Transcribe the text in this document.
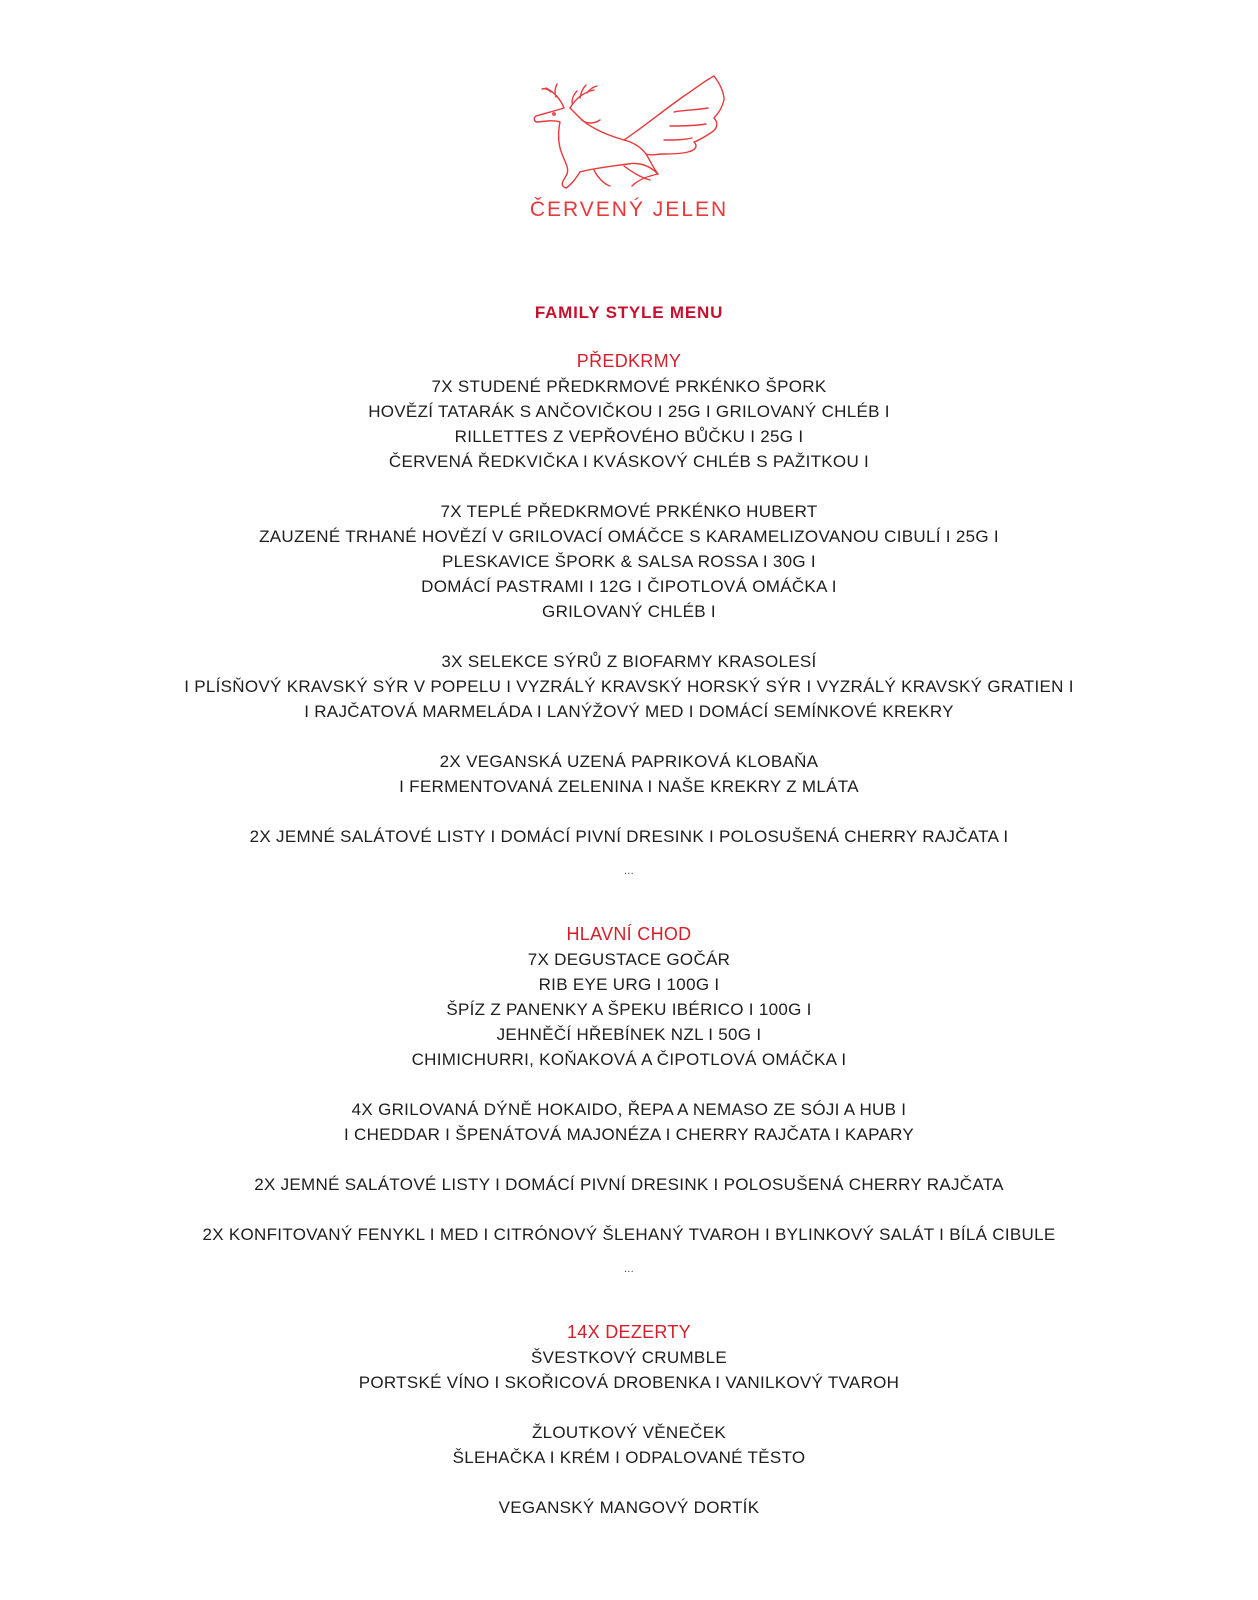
ČERVENÝ JELEN
FAMILY STYLE MENU
PŘEDKRMY
7X STUDENÉ PŘEDKRMOVÉ PRKÉNKO ŠPORK
HOVĚZÍ TATARÁK S ANČOVIČKOU I 25G I GRILOVANÝ CHLÉB I
RILLETTES Z VEPŘOVÉHO BŮČKU I 25G I
ČERVENÁ ŘEDKVIČKA I KVÁSKOVÝ CHLÉB S PAŽITKOU I
7X TEPLÉ PŘEDKRMOVÉ PRKÉNKO HUBERT
ZAUZENÉ TRHANÉ HOVĚZÍ V GRILOVACÍ OMÁČCE S KARAMELIZOVANOU CIBULÍ I 25G I
PLESKAVICE ŠPORK & SALSA ROSSA I 30G I
DOMÁCÍ PASTRAMI I 12G I ČIPOTLOVÁ OMÁČKA I
GRILOVANÝ CHLÉB I
3X SELEKCE SÝRŮ Z BIOFARMY KRASOLESÍ
I PLÍSŇOVÝ KRAVSKÝ SÝR V POPELU I VYZRÁLÝ KRAVSKÝ HORSKÝ SÝR I VYZRÁLÝ KRAVSKÝ GRATIEN I
I RAJČATOVÁ MARMELÁDA I LANÝŽOVÝ MED I DOMÁCÍ SEMÍNKOVÉ KREKRY
2X VEGANSKÁ UZENÁ PAPRIKOVÁ KLOBAŇA
I FERMENTOVANÁ ZELENINA I NAŠE KREKRY Z MLÁTA
2X JEMNÉ SALÁTOVÉ LISTY I DOMÁCÍ PIVNÍ DRESINK I POLOSUŠENÁ CHERRY RAJČATA I
...
HLAVNÍ CHOD
7X DEGUSTACE GOČÁR
RIB EYE URG I 100G I
ŠPÍZ Z PANENKY A ŠPEKU IBÉRICO I 100G I
JEHNĚČÍ HŘEBÍNEK NZL I 50G I
CHIMICHURRI, KOŇAKOVÁ A ČIPOTLOVÁ OMÁČKA I
4X GRILOVANÁ DÝNĚ HOKAIDO, ŘEPA A NEMASO ZE SÓJI A HUB I
I CHEDDAR I ŠPENÁTOVÁ MAJONÉZA I CHERRY RAJČATA I KAPARY
2X JEMNÉ SALÁTOVÉ LISTY I DOMÁCÍ PIVNÍ DRESINK I POLOSUŠENÁ CHERRY RAJČATA
2X KONFITOVANÝ FENYKL I MED I CITRÓNOVÝ ŠLEHANÝ TVAROH I BYLINKOVÝ SALÁT I BÍLÁ CIBULE
...
14X DEZERTY
ŠVESTKOVÝ CRUMBLE
PORTSKÉ VÍNO I SKOŘICOVÁ DROBENKA I VANILKOVÝ TVAROH
ŽLOUTKOVÝ VĚNEČEK
ŠLEHAČKA I KRÉM I ODPALOVANÉ TĚSTO
VEGANSKÝ MANGOVÝ DORTÍK
